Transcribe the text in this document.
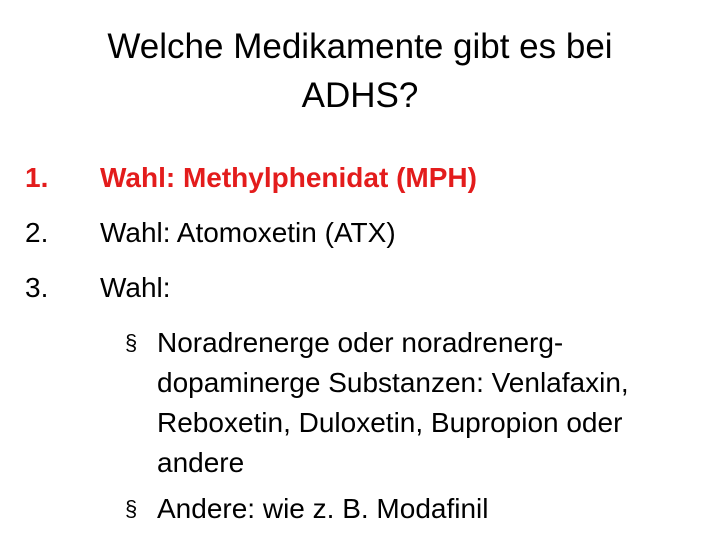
Welche Medikamente gibt es bei
ADHS?
1. Wahl: Methylphenidat (MPH)
2. Wahl: Atomoxetin (ATX)
3. Wahl:
§ Noradrenerge oder noradrenerg-dopaminerge Substanzen: Venlafaxin, Reboxetin, Duloxetin, Bupropion oder andere
§ Andere: wie z. B. Modafinil
